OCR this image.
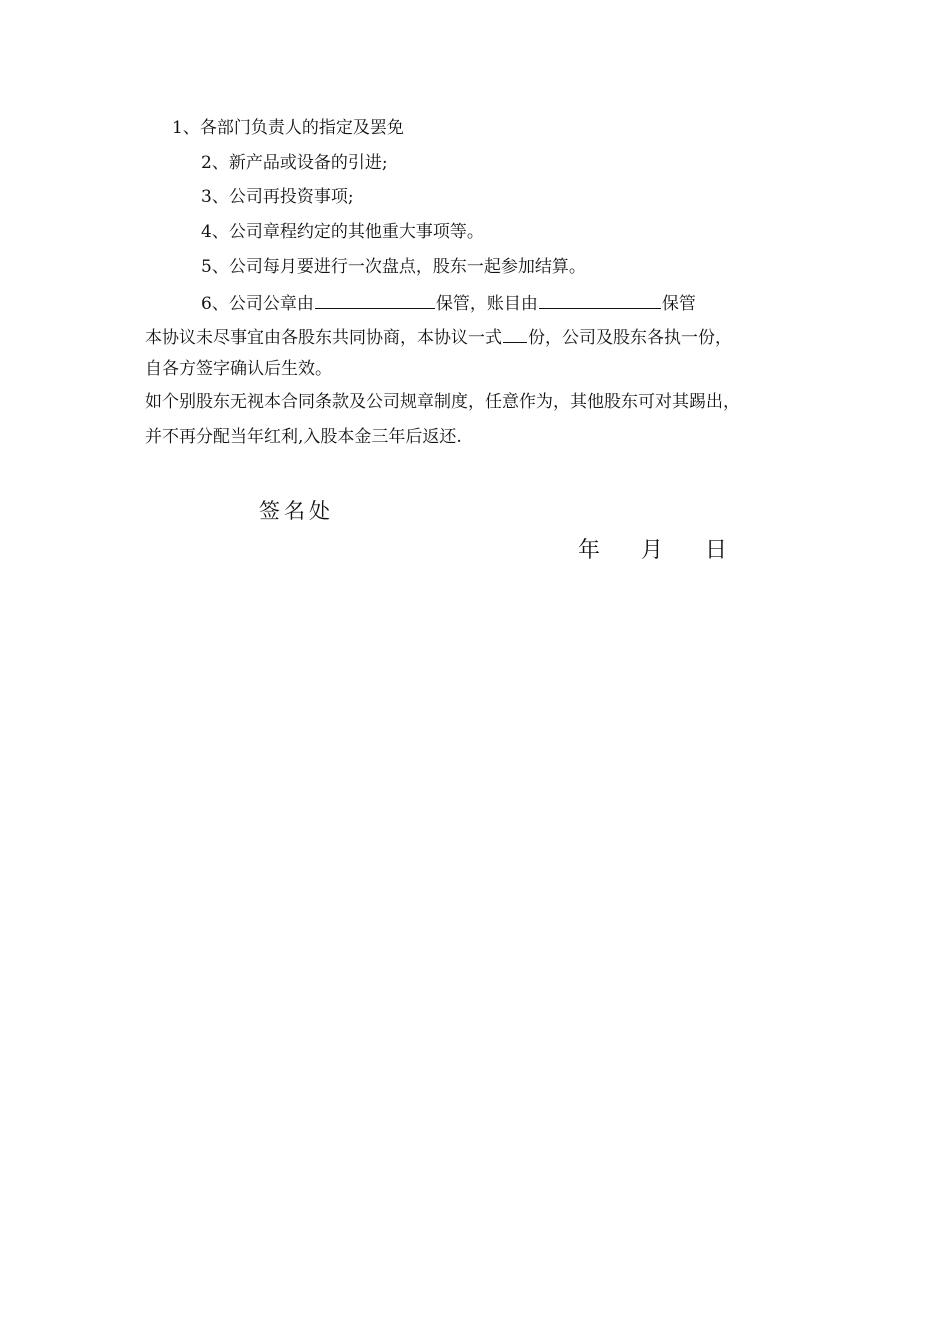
1、各部门负责人的指定及罢免
2、新产品或设备的引进;
3、公司再投资事项;
4、公司章程约定的其他重大事项等。
5、公司每月要进行一次盘点，股东一起参加结算。
6、公司公章由	保管，账目由	保管
本协议未尽事宜由各股东共同协商，本协议一式 份，公司及股东各执一份，
自各方签字确认后生效。
如个别股东无视本合同条款及公司规章制度，任意作为，其他股东可对其踢出，
并不再分配当年红利,入股本金三年后返还.
签名处
年 月 日
